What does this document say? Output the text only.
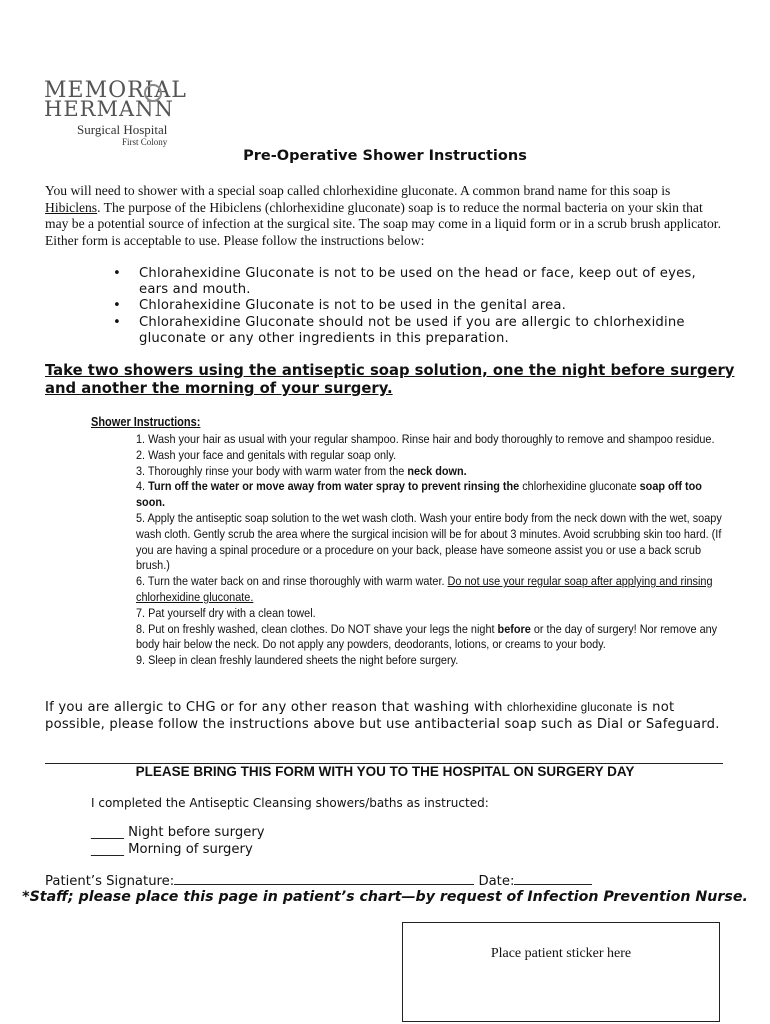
MEMORIAL
HERMANN
Surgical Hospital
First Colony
Pre-Operative Shower Instructions
You will need to shower with a special soap called chlorhexidine gluconate. A common brand name for this soap is Hibiclens. The purpose of the Hibiclens (chlorhexidine gluconate) soap is to reduce the normal bacteria on your skin that may be a potential source of infection at the surgical site. The soap may come in a liquid form or in a scrub brush applicator. Either form is acceptable to use. Please follow the instructions below:
• Chlorahexidine Gluconate is not to be used on the head or face, keep out of eyes, ears and mouth.
• Chlorahexidine Gluconate is not to be used in the genital area.
• Chlorahexidine Gluconate should not be used if you are allergic to chlorhexidine gluconate or any other ingredients in this preparation.
Take two showers using the antiseptic soap solution, one the night before surgery and another the morning of your surgery.
Shower Instructions:

1. Wash your hair as usual with your regular shampoo. Rinse hair and body thoroughly to remove and shampoo residue.

2. Wash your face and genitals with regular soap only.

3. Thoroughly rinse your body with warm water from the neck down.

4. Turn off the water or move away from water spray to prevent rinsing the chlorhexidine gluconate soap off too soon.

5. Apply the antiseptic soap solution to the wet wash cloth. Wash your entire body from the neck down with the wet, soapy wash cloth. Gently scrub the area where the surgical incision will be for about 3 minutes. Avoid scrubbing skin too hard. (If you are having a spinal procedure or a procedure on your back, please have someone assist you or use a back scrub brush.)

6. Turn the water back on and rinse thoroughly with warm water. Do not use your regular soap after applying and rinsing chlorhexidine gluconate.

7. Pat yourself dry with a clean towel.

8. Put on freshly washed, clean clothes. Do NOT shave your legs the night before or the day of surgery! Nor remove any body hair below the neck. Do not apply any powders, deodorants, lotions, or creams to your body.

9. Sleep in clean freshly laundered sheets the night before surgery.

If you are allergic to CHG or for any other reason that washing with chlorhexidine gluconate is not possible, please follow the instructions above but use antibacterial soap such as Dial or Safeguard.
PLEASE BRING THIS FORM WITH YOU TO THE HOSPITAL ON SURGERY DAY
I completed the Antiseptic Cleansing showers/baths as instructed:
_____ Night before surgery
_____ Morning of surgery
Patient’s Signature:	Date:
*Staff; please place this page in patient’s chart—by request of Infection Prevention Nurse.
Place patient sticker here
